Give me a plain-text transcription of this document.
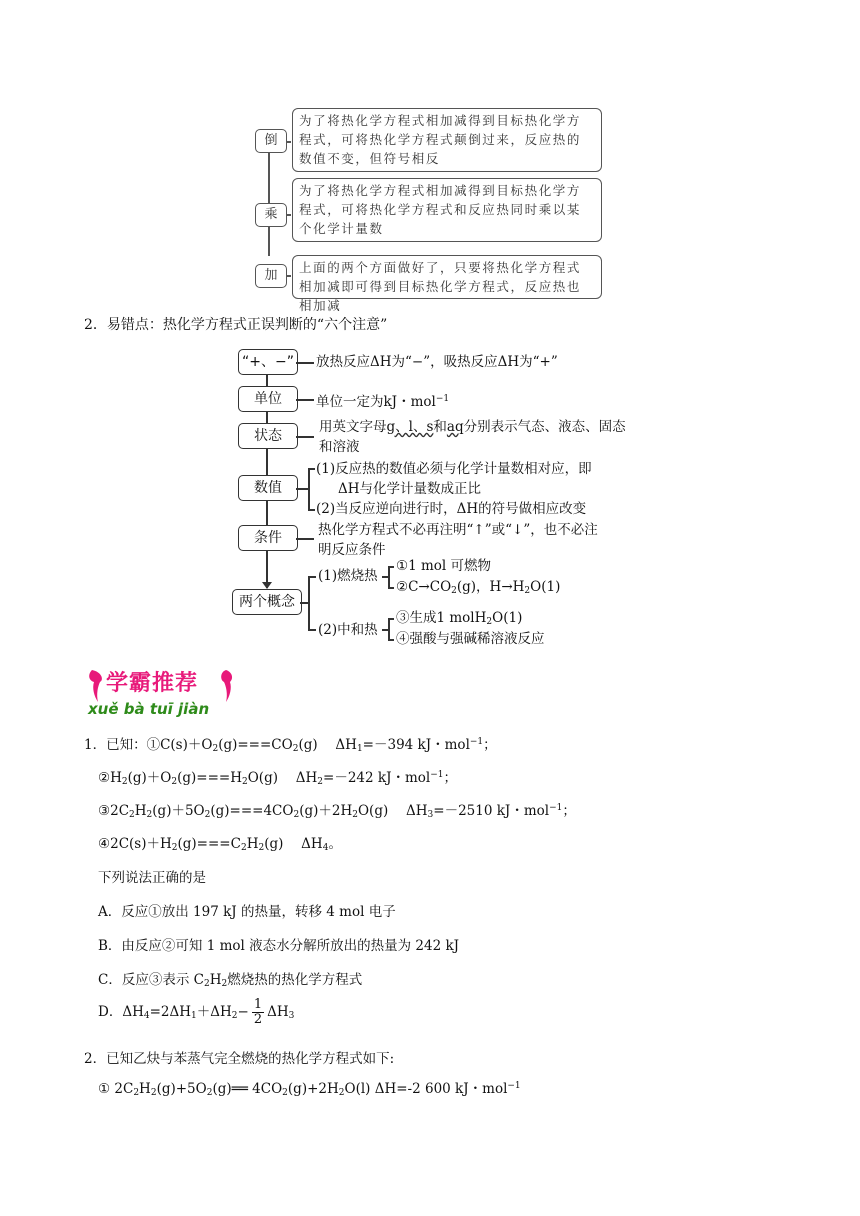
倒
乘
加
为了将热化学方程式相加减得到目标热化学方程式，可将热化学方程式颠倒过来，反应热的数值不变，但符号相反
为了将热化学方程式相加减得到目标热化学方程式，可将热化学方程式和反应热同时乘以某个化学计量数
上面的两个方面做好了，只要将热化学方程式相加减即可得到目标热化学方程式，反应热也相加减
2．易错点：热化学方程式正误判断的“六个注意”
“+、−” 放热反应ΔH为“−”，吸热反应ΔH为“+”
单位	单位一定为kJ・mol$^{-1}$
状态
用英文字母g、l、s和aq分别表示气态、液态、固态
和溶液
数值
(1)反应热的数值必须与化学计量数相对应，即
ΔH与化学计量数成正比
(2)当反应逆向进行时，ΔH的符号做相应改变
条件	热化学方程式不必再注明“↑”或“↓”，也不必注
明反应条件
两个概念
(1)燃烧热
①1 mol 可燃物
$②C\to CO_2(g)$，$H\to H_2O(1)$
(2)中和热
③生成1 molH$_2$O(1)
④强酸与强碱稀溶液反应
学霸推荐
xuě bà tuī jiàn
1．已知：$①C(s)+O_2(g)===CO_2(g)$　 $\Delta H_1=-394$ kJ・mol$^{-1}$；
$②H_2(g)+O_2(g)===H_2O(g)$　 $\Delta H_2=-242$ kJ・mol$^{-1}$；
$③2C_2H_2(g)+5O_2(g)===4CO_2(g)+2H_2O(g)$　 $\Delta H_3=-2510$ kJ・mol$^{-1}$；
$④2C(s)+H_2(g)===C_2H_2(g)$　 $\Delta H_4$。
下列说法正确的是
A．反应①放出 197 kJ 的热量，转移 4 mol 电子
B．由反应②可知 1 mol 液态水分解所放出的热量为 242 kJ
C．反应③表示 $C_2H_2$燃烧热的热化学方程式
D．$\Delta H_4=2\Delta H_1+\Delta H_2- \frac{1}{2} \Delta H_3$
2．已知乙炔与苯蒸气完全燃烧的热化学方程式如下:
① $2C_2H_2(g)+5O_2(g)══$ $4CO_2(g)+2H_2O(l)$ ΔH=-2 600 kJ・mol$^{-1}$
